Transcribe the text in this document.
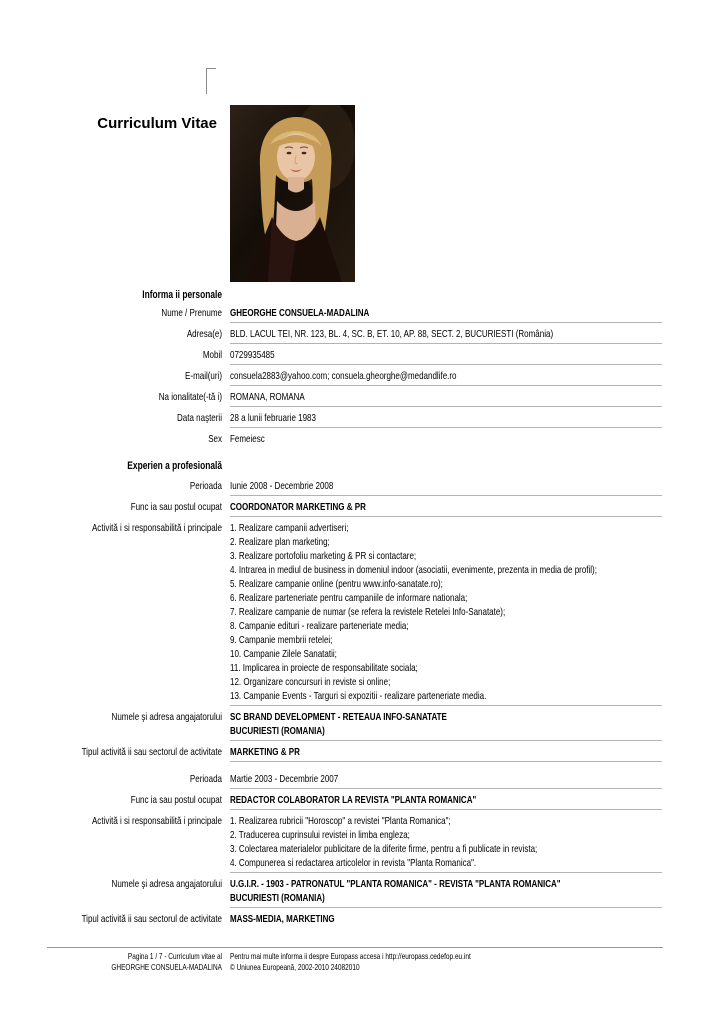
Curriculum Vitae
Informa ii personale
Nume / Prenume GHEORGHE CONSUELA-MADALINA
Adresa(e) BLD. LACUL TEI, NR. 123, BL. 4, SC. B, ET. 10, AP. 88, SECT. 2, BUCURIESTI (România)
Mobil 0729935485
E-mail(uri) consuela2883@yahoo.com; consuela.gheorghe@medandlife.ro
Na ionalitate(-tă i) ROMANA, ROMANA
Data naşterii 28 a lunii februarie 1983
Sex Femeiesc
Experien a profesională
Perioada Iunie 2008 - Decembrie 2008
Func ia sau postul ocupat COORDONATOR MARKETING & PR
Activită i si responsabilită i principale 1. Realizare campanii advertiseri;
2. Realizare plan marketing;
3. Realizare portofoliu marketing & PR si contactare;
4. Intrarea in mediul de business in domeniul indoor (asociatii, evenimente, prezenta in media de profil);
5. Realizare campanie online (pentru www.info-sanatate.ro);
6. Realizare parteneriate pentru campaniile de informare nationala;
7. Realizare campanie de numar (se refera la revistele Retelei Info-Sanatate);
8. Campanie edituri - realizare parteneriate media;
9. Campanie membrii retelei;
10. Campanie Zilele Sanatatii;
11. Implicarea in proiecte de responsabilitate sociala;
12. Organizare concursuri in reviste si online;
13. Campanie Events - Targuri si expozitii - realizare parteneriate media.
Numele şi adresa angajatorului SC BRAND DEVELOPMENT - RETEAUA INFO-SANATATE
BUCURIESTI (ROMANIA)
Tipul activită ii sau sectorul de activitate MARKETING & PR
Perioada Martie 2003 - Decembrie 2007
Func ia sau postul ocupat REDACTOR COLABORATOR LA REVISTA "PLANTA ROMANICA"
Activită i si responsabilită i principale 1. Realizarea rubricii "Horoscop" a revistei "Planta Romanica";
2. Traducerea cuprinsului revistei in limba engleza;
3. Colectarea materialelor publicitare de la diferite firme, pentru a fi publicate in revista;
4. Compunerea si redactarea articolelor in revista "Planta Romanica".
Numele şi adresa angajatorului U.G.I.R. - 1903 - PATRONATUL "PLANTA ROMANICA" - REVISTA "PLANTA ROMANICA"
BUCURIESTI (ROMANIA)
Tipul activită ii sau sectorul de activitate MASS-MEDIA, MARKETING
Pagina 1 / 7 - Curriculum vitae al
GHEORGHE CONSUELA-MADALINA
Pentru mai multe informa ii despre Europass accesa i http://europass.cedefop.eu.int
© Uniunea Europeană, 2002-2010 24082010
